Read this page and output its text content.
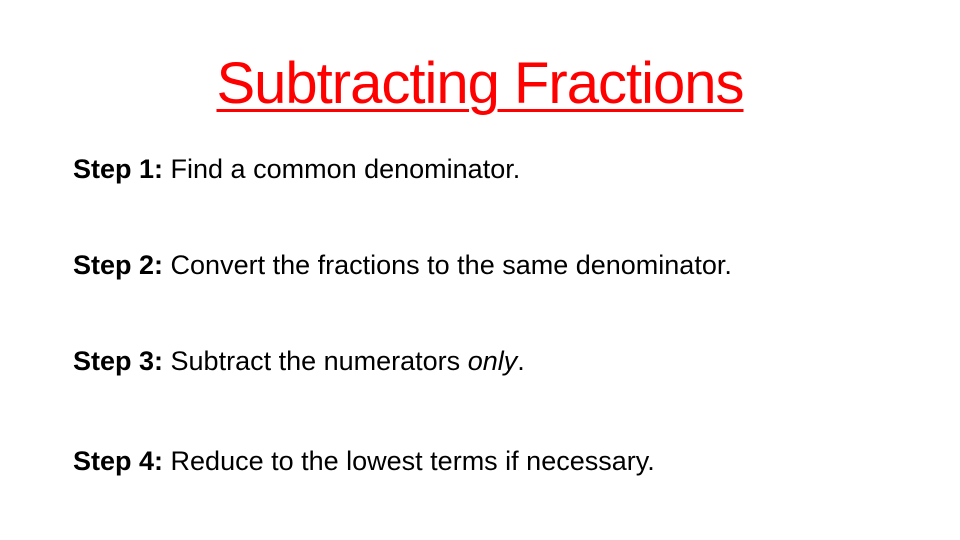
Subtracting Fractions
Step 1: Find a common denominator.
Step 2: Convert the fractions to the same denominator.
Step 3: Subtract the numerators only.
Step 4: Reduce to the lowest terms if necessary.
